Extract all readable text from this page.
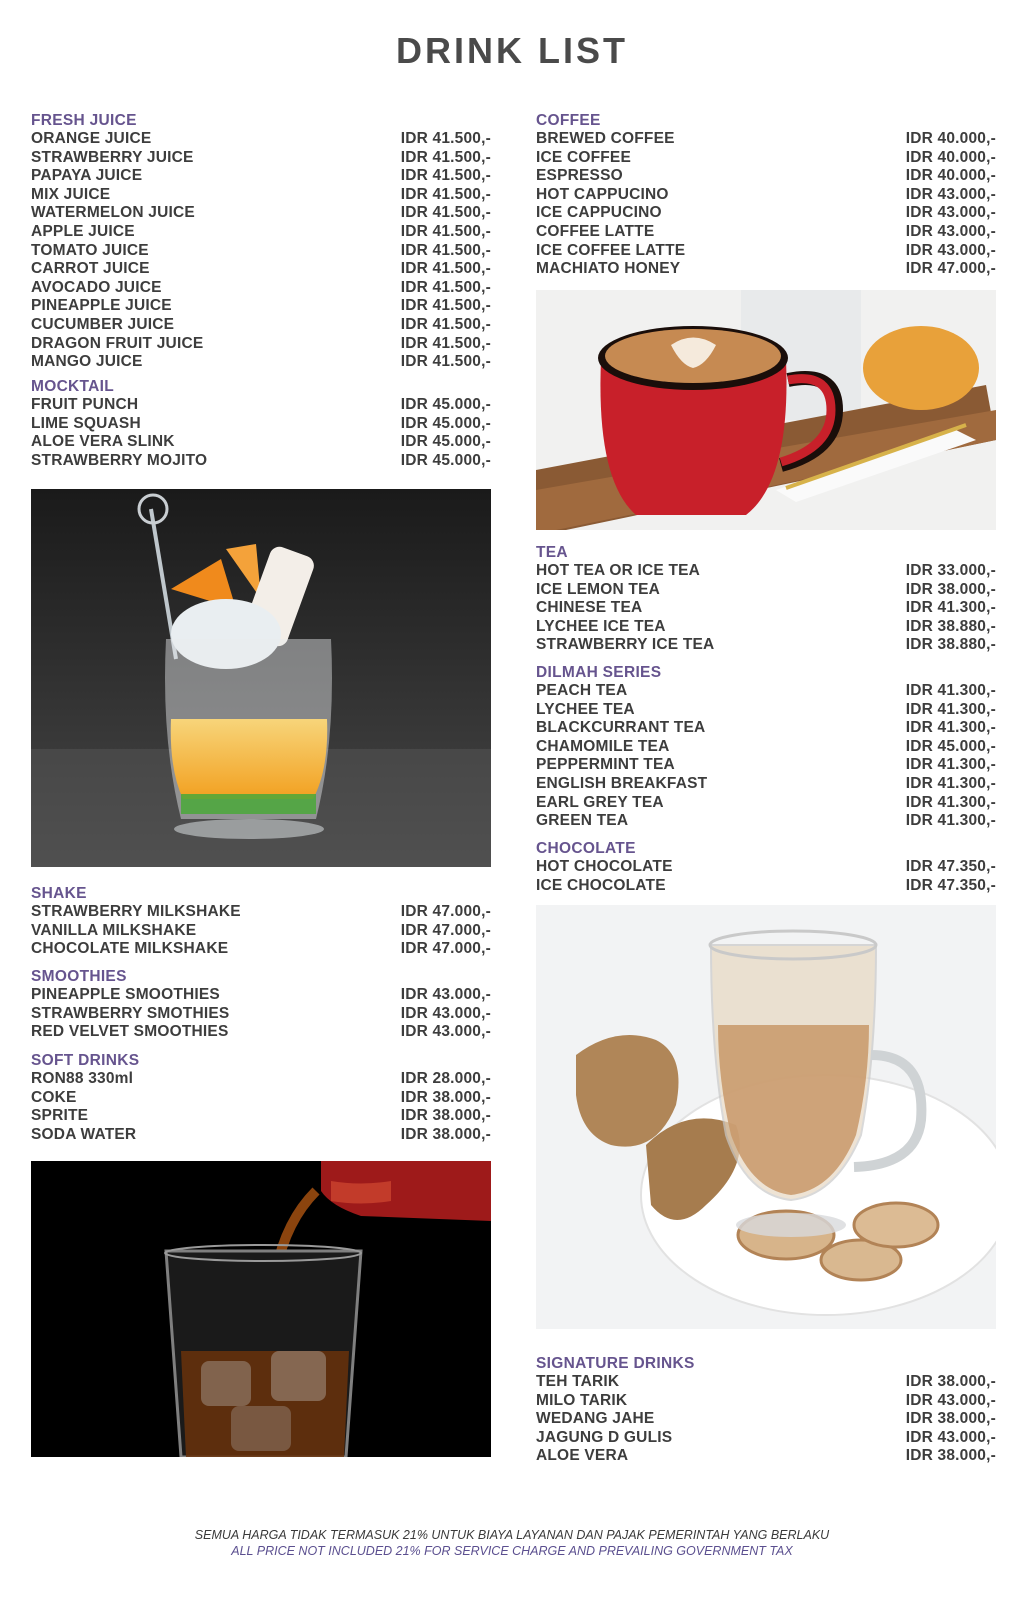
DRINK LIST
FRESH JUICE
ORANGE JUICE	IDR 41.500,-
STRAWBERRY JUICE	IDR 41.500,-
PAPAYA JUICE	IDR 41.500,-
MIX JUICE	IDR 41.500,-
WATERMELON JUICE	IDR 41.500,-
APPLE JUICE	IDR 41.500,-
TOMATO JUICE	IDR 41.500,-
CARROT JUICE	IDR 41.500,-
AVOCADO JUICE	IDR 41.500,-
PINEAPPLE JUICE	IDR 41.500,-
CUCUMBER JUICE	IDR 41.500,-
DRAGON FRUIT JUICE	IDR 41.500,-
MANGO JUICE	IDR 41.500,-
MOCKTAIL
FRUIT PUNCH	IDR 45.000,-
LIME SQUASH	IDR 45.000,-
ALOE VERA SLINK	IDR 45.000,-
STRAWBERRY MOJITO	IDR 45.000,-
SHAKE
STRAWBERRY MILKSHAKE	IDR 47.000,-
VANILLA MILKSHAKE	IDR 47.000,-
CHOCOLATE MILKSHAKE	IDR 47.000,-
SMOOTHIES
PINEAPPLE SMOOTHIES	IDR 43.000,-
STRAWBERRY SMOTHIES	IDR 43.000,-
RED VELVET SMOOTHIES	IDR 43.000,-
SOFT DRINKS
RON88 330ml	IDR 28.000,-
COKE	IDR 38.000,-
SPRITE	IDR 38.000,-
SODA WATER	IDR 38.000,-
COFFEE
BREWED COFFEE	IDR 40.000,-
ICE COFFEE	IDR 40.000,-
ESPRESSO	IDR 40.000,-
HOT CAPPUCINO	IDR 43.000,-
ICE CAPPUCINO	IDR 43.000,-
COFFEE LATTE	IDR 43.000,-
ICE COFFEE LATTE	IDR 43.000,-
MACHIATO HONEY	IDR 47.000,-
TEA
HOT TEA OR ICE TEA	IDR 33.000,-
ICE LEMON TEA	IDR 38.000,-
CHINESE TEA	IDR 41.300,-
LYCHEE ICE TEA	IDR 38.880,-
STRAWBERRY ICE TEA	IDR 38.880,-
DILMAH SERIES
PEACH TEA	IDR 41.300,-
LYCHEE TEA	IDR 41.300,-
BLACKCURRANT TEA	IDR 41.300,-
CHAMOMILE TEA	IDR 45.000,-
PEPPERMINT TEA	IDR 41.300,-
ENGLISH BREAKFAST	IDR 41.300,-
EARL GREY TEA	IDR 41.300,-
GREEN TEA	IDR 41.300,-
CHOCOLATE
HOT CHOCOLATE	IDR 47.350,-
ICE CHOCOLATE	IDR 47.350,-
SIGNATURE DRINKS
TEH TARIK	IDR 38.000,-
MILO TARIK	IDR 43.000,-
WEDANG JAHE	IDR 38.000,-
JAGUNG D GULIS	IDR 43.000,-
ALOE VERA	IDR 38.000,-
SEMUA HARGA TIDAK TERMASUK 21% UNTUK BIAYA LAYANAN DAN PAJAK PEMERINTAH YANG BERLAKU
ALL PRICE NOT INCLUDED 21% FOR SERVICE CHARGE AND PREVAILING GOVERNMENT TAX
